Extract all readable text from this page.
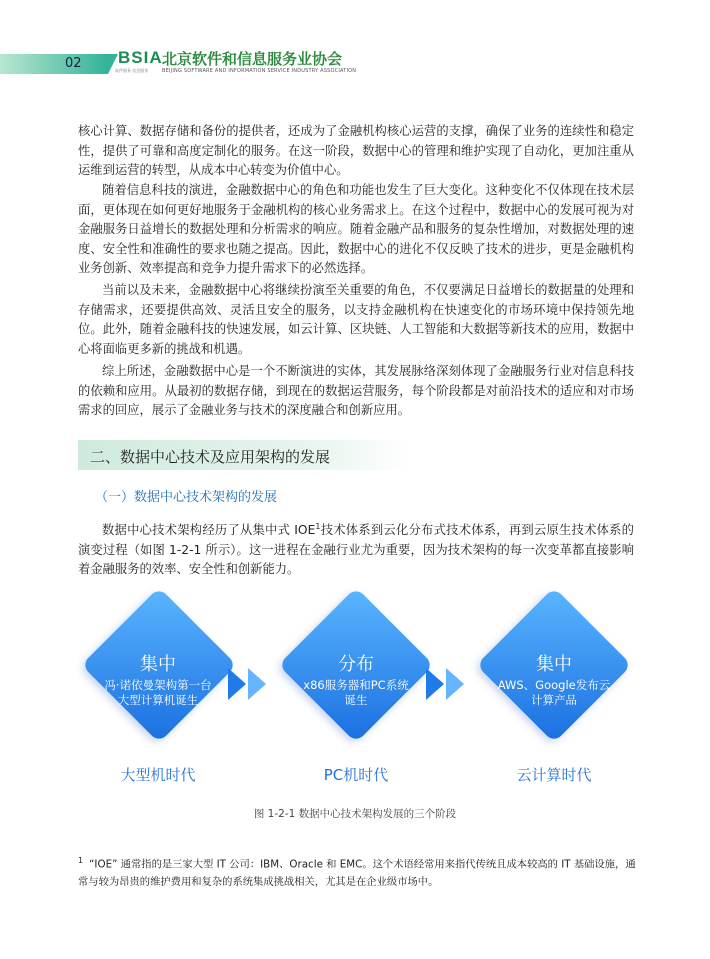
02 BSIA
软件服务 信息服务
北京软件和信息服务业协会
BEIJING SOFTWARE AND INFORMATION SERVICE INDUSTRY ASSOCIATION

核心计算、数据存储和备份的提供者，还成为了金融机构核心运营的支撑，确保了业务的连续性和稳定性，提供了可靠和高度定制化的服务。在这一阶段，数据中心的管理和维护实现了自动化，更加注重从运维到运营的转型，从成本中心转变为价值中心。

随着信息科技的演进，金融数据中心的角色和功能也发生了巨大变化。这种变化不仅体现在技术层面，更体现在如何更好地服务于金融机构的核心业务需求上。在这个过程中，数据中心的发展可视为对金融服务日益增长的数据处理和分析需求的响应。随着金融产品和服务的复杂性增加，对数据处理的速度、安全性和准确性的要求也随之提高。因此，数据中心的进化不仅反映了技术的进步，更是金融机构业务创新、效率提高和竞争力提升需求下的必然选择。

当前以及未来，金融数据中心将继续扮演至关重要的角色，不仅要满足日益增长的数据量的处理和存储需求，还要提供高效、灵活且安全的服务，以支持金融机构在快速变化的市场环境中保持领先地位。此外，随着金融科技的快速发展，如云计算、区块链、人工智能和大数据等新技术的应用，数据中心将面临更多新的挑战和机遇。

综上所述，金融数据中心是一个不断演进的实体，其发展脉络深刻体现了金融服务行业对信息科技的依赖和应用。从最初的数据存储，到现在的数据运营服务，每个阶段都是对前沿技术的适应和对市场需求的回应，展示了金融业务与技术的深度融合和创新应用。

二、数据中心技术及应用架构的发展
（一）数据中心技术架构的发展

数据中心技术架构经历了从集中式 IOE$^1$技术体系到云化分布式技术体系，再到云原生技术体系的演变过程（如图 1-2-1 所示）。这一进程在金融行业尤为重要，因为技术架构的每一次变革都直接影响着金融服务的效率、安全性和创新能力。

集中
冯·诺依曼架构第一台大型计算机诞生
分布
x86服务器和PC系统诞生
集中
AWS、Google发布云计算产品
大型机时代	PC机时代	云计算时代
图 1-2-1 数据中心技术架构发展的三个阶段
$^1$ “IOE” 通常指的是三家大型 IT 公司：IBM、Oracle 和 EMC。这个术语经常用来指代传统且成本较高的 IT 基础设施，通常与较为昂贵的维护费用和复杂的系统集成挑战相关，尤其是在企业级市场中。
